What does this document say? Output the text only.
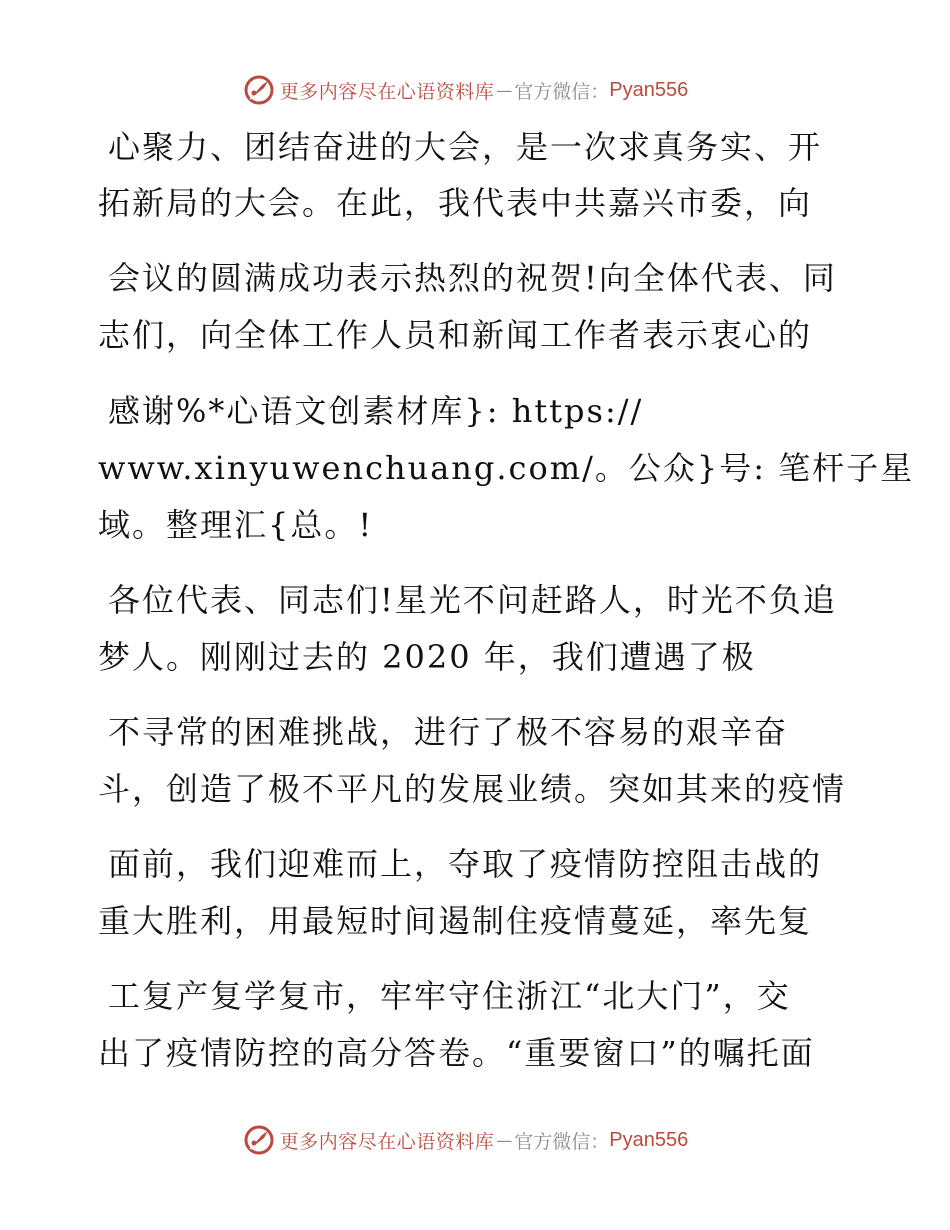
更多内容尽在心语资料库 — 官方微信： Pyan556
心聚力、团结奋进的大会，是一次求真务实、开
拓新局的大会。在此，我代表中共嘉兴市委，向
会议的圆满成功表示热烈的祝贺!向全体代表、同
志们，向全体工作人员和新闻工作者表示衷心的
感谢%*心语文创素材库}: https://
www.xinyuwenchuang.com/。公众}号: 笔杆子星
域。整理汇{总。!
各位代表、同志们!星光不问赶路人，时光不负追
梦人。刚刚过去的 2020 年，我们遭遇了极
不寻常的困难挑战，进行了极不容易的艰辛奋
斗，创造了极不平凡的发展业绩。突如其来的疫情
面前，我们迎难而上，夺取了疫情防控阻击战的
重大胜利，用最短时间遏制住疫情蔓延，率先复
工复产复学复市，牢牢守住浙江“北大门”，交
出了疫情防控的高分答卷。“重要窗口”的嘱托面
更多内容尽在心语资料库 — 官方微信： Pyan556
